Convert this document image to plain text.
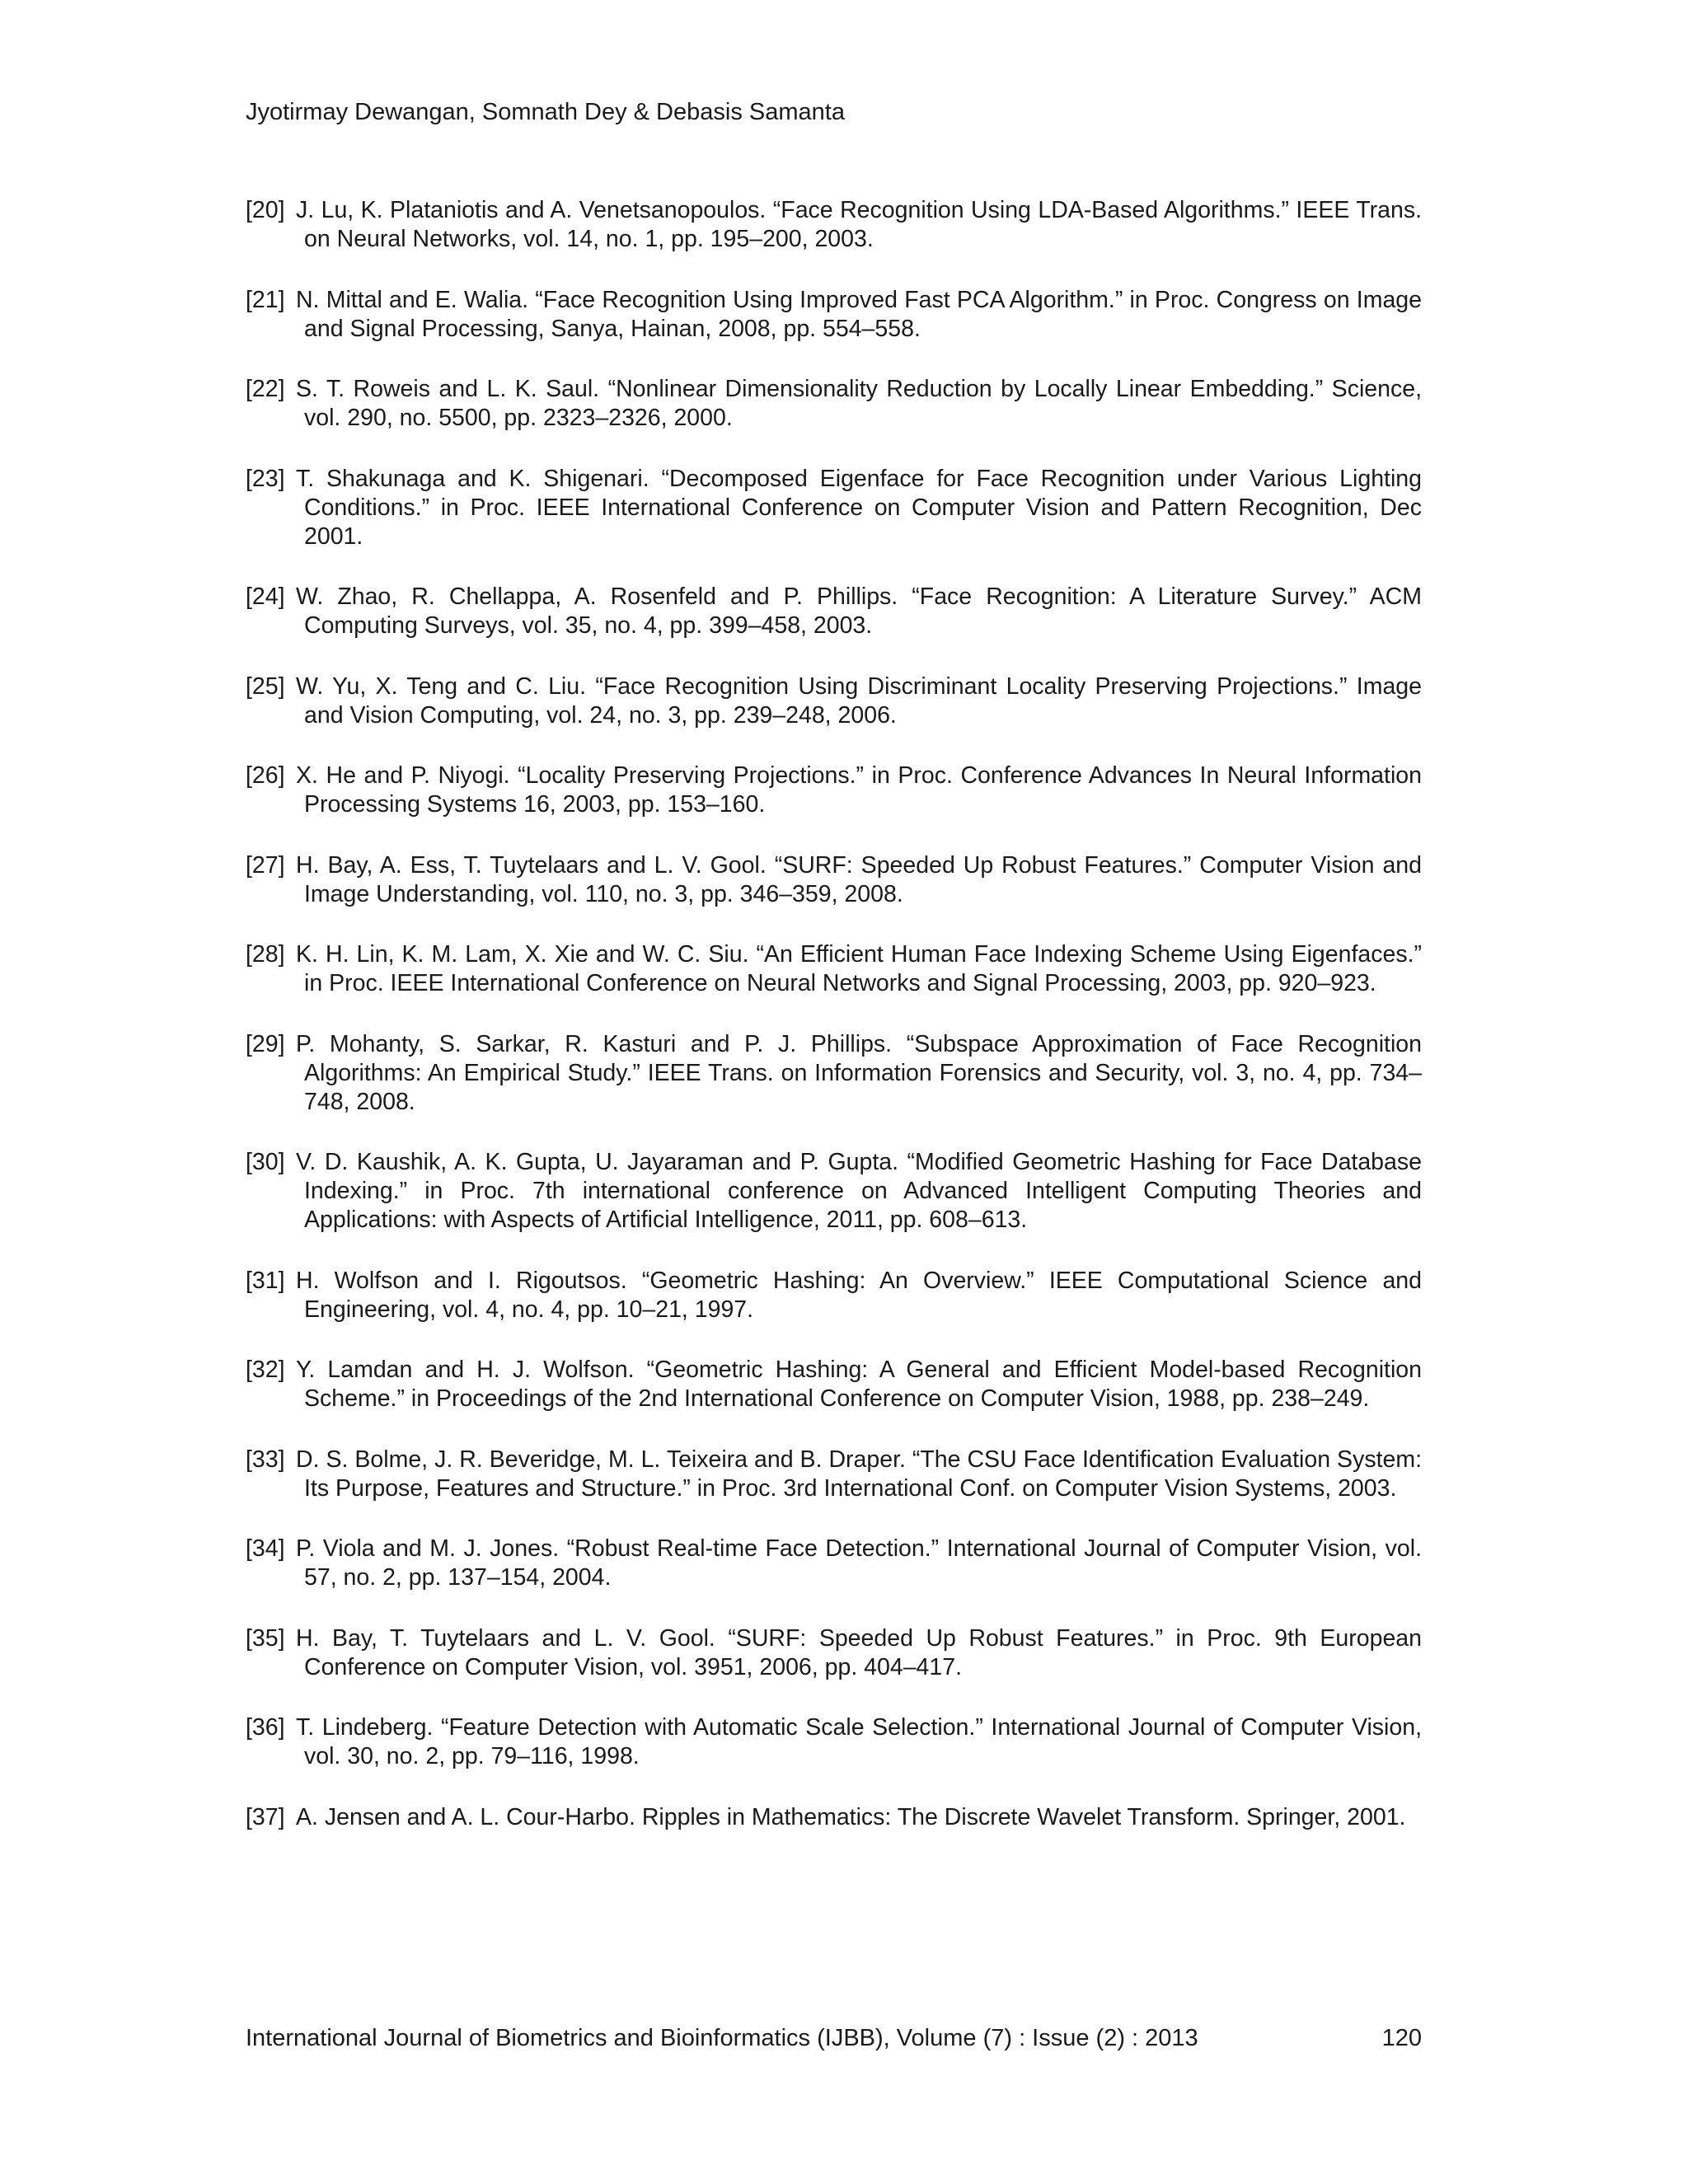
Jyotirmay Dewangan, Somnath Dey & Debasis Samanta
[20] J. Lu, K. Plataniotis and A. Venetsanopoulos. “Face Recognition Using LDA-Based Algorithms.” IEEE Trans. on Neural Networks, vol. 14, no. 1, pp. 195–200, 2003.
[21] N. Mittal and E. Walia. “Face Recognition Using Improved Fast PCA Algorithm.” in Proc. Congress on Image and Signal Processing, Sanya, Hainan, 2008, pp. 554–558.
[22] S. T. Roweis and L. K. Saul. “Nonlinear Dimensionality Reduction by Locally Linear Embedding.” Science, vol. 290, no. 5500, pp. 2323–2326, 2000.
[23] T. Shakunaga and K. Shigenari. “Decomposed Eigenface for Face Recognition under Various Lighting Conditions.” in Proc. IEEE International Conference on Computer Vision and Pattern Recognition, Dec 2001.
[24] W. Zhao, R. Chellappa, A. Rosenfeld and P. Phillips. “Face Recognition: A Literature Survey.” ACM Computing Surveys, vol. 35, no. 4, pp. 399–458, 2003.
[25] W. Yu, X. Teng and C. Liu. “Face Recognition Using Discriminant Locality Preserving Projections.” Image and Vision Computing, vol. 24, no. 3, pp. 239–248, 2006.
[26] X. He and P. Niyogi. “Locality Preserving Projections.” in Proc. Conference Advances In Neural Information Processing Systems 16, 2003, pp. 153–160.
[27] H. Bay, A. Ess, T. Tuytelaars and L. V. Gool. “SURF: Speeded Up Robust Features.” Computer Vision and Image Understanding, vol. 110, no. 3, pp. 346–359, 2008.
[28] K. H. Lin, K. M. Lam, X. Xie and W. C. Siu. “An Efficient Human Face Indexing Scheme Using Eigenfaces.” in Proc. IEEE International Conference on Neural Networks and Signal Processing, 2003, pp. 920–923.
[29] P. Mohanty, S. Sarkar, R. Kasturi and P. J. Phillips. “Subspace Approximation of Face Recognition Algorithms: An Empirical Study.” IEEE Trans. on Information Forensics and Security, vol. 3, no. 4, pp. 734–748, 2008.
[30] V. D. Kaushik, A. K. Gupta, U. Jayaraman and P. Gupta. “Modified Geometric Hashing for Face Database Indexing.” in Proc. 7th international conference on Advanced Intelligent Computing Theories and Applications: with Aspects of Artificial Intelligence, 2011, pp. 608–613.
[31] H. Wolfson and I. Rigoutsos. “Geometric Hashing: An Overview.” IEEE Computational Science and Engineering, vol. 4, no. 4, pp. 10–21, 1997.
[32] Y. Lamdan and H. J. Wolfson. “Geometric Hashing: A General and Efficient Model-based Recognition Scheme.” in Proceedings of the 2nd International Conference on Computer Vision, 1988, pp. 238–249.
[33] D. S. Bolme, J. R. Beveridge, M. L. Teixeira and B. Draper. “The CSU Face Identification Evaluation System: Its Purpose, Features and Structure.” in Proc. 3rd International Conf. on Computer Vision Systems, 2003.
[34] P. Viola and M. J. Jones. “Robust Real-time Face Detection.” International Journal of Computer Vision, vol. 57, no. 2, pp. 137–154, 2004.
[35] H. Bay, T. Tuytelaars and L. V. Gool. “SURF: Speeded Up Robust Features.” in Proc. 9th European Conference on Computer Vision, vol. 3951, 2006, pp. 404–417.
[36] T. Lindeberg. “Feature Detection with Automatic Scale Selection.” International Journal of Computer Vision, vol. 30, no. 2, pp. 79–116, 1998.
[37] A. Jensen and A. L. Cour-Harbo. Ripples in Mathematics: The Discrete Wavelet Transform. Springer, 2001.
International Journal of Biometrics and Bioinformatics (IJBB), Volume (7) : Issue (2) : 2013	120
